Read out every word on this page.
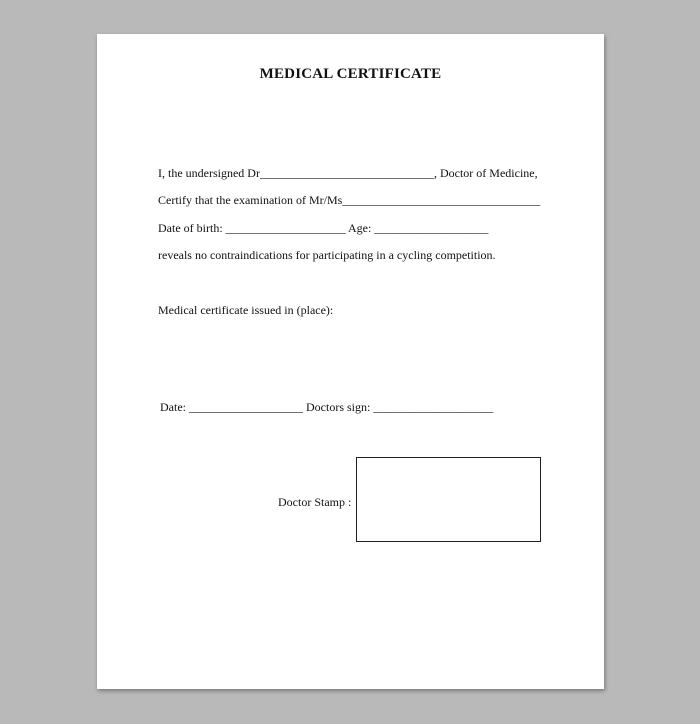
MEDICAL CERTIFICATE
I, the undersigned Dr_____________________________, Doctor of Medicine,
Certify that the examination of Mr/Ms_________________________________
Date of birth: ____________________ Age: ___________________
reveals no contraindications for participating in a cycling competition.
Medical certificate issued in (place):
Date: ___________________ Doctors sign: ____________________
Doctor Stamp :
